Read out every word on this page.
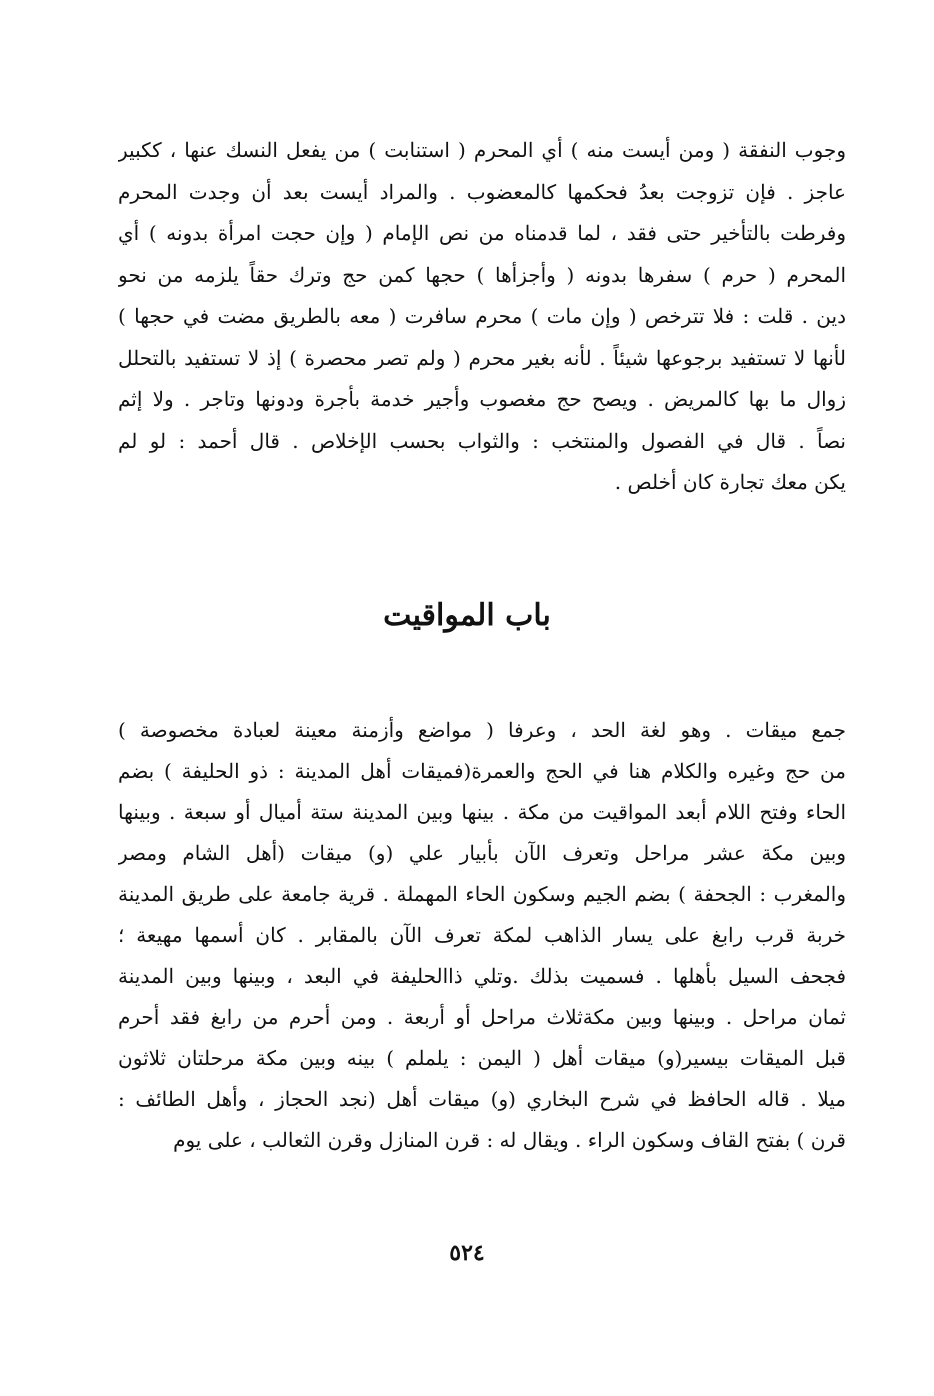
وجوب النفقة ( ومن أيست منه ) أي المحرم ( استنابت ) من يفعل النسك عنها ، ككبير
عاجز . فإن تزوجت بعدُ فحكمها كالمعضوب . والمراد أيست بعد أن وجدت المحرم
وفرطت بالتأخير حتى فقد ، لما قدمناه من نص الإمام ( وإن حجت امرأة بدونه ) أي
المحرم ( حرم ) سفرها بدونه ( وأجزأها ) حجها كمن حج وترك حقاً يلزمه من نحو
دين . قلت : فلا تترخص ( وإن مات ) محرم سافرت ( معه بالطريق مضت في حجها )
لأنها لا تستفيد برجوعها شيئاً . لأنه بغير محرم ( ولم تصر محصرة ) إذ لا تستفيد بالتحلل
زوال ما بها كالمريض . ويصح حج مغصوب وأجير خدمة بأجرة ودونها وتاجر . ولا إثم
نصاً . قال في الفصول والمنتخب : والثواب بحسب الإخلاص . قال أحمد : لو لم
يكن معك تجارة كان أخلص .
باب المواقيت
جمع ميقات . وهو لغة الحد ، وعرفا ( مواضع وأزمنة معينة لعبادة مخصوصة )
من حج وغيره والكلام هنا في الحج والعمرة(فميقات أهل المدينة : ذو الحليفة ) بضم
الحاء وفتح اللام أبعد المواقيت من مكة . بينها وبين المدينة ستة أميال أو سبعة . وبينها
وبين مكة عشر مراحل وتعرف الآن بأبيار علي (و) ميقات (أهل الشام ومصر
والمغرب : الجحفة ) بضم الجيم وسكون الحاء المهملة . قرية جامعة على طريق المدينة
خربة قرب رابغ على يسار الذاهب لمكة تعرف الآن بالمقابر . كان أسمها مهيعة ؛
فجحف السيل بأهلها . فسميت بذلك .وتلي ذاالحليفة في البعد ، وبينها وبين المدينة
ثمان مراحل . وبينها وبين مكةثلاث مراحل أو أربعة . ومن أحرم من رابغ فقد أحرم
قبل الميقات بيسير(و) ميقات أهل ( اليمن : يلملم ) بينه وبين مكة مرحلتان ثلاثون
ميلا . قاله الحافظ في شرح البخاري (و) ميقات أهل (نجد الحجاز ، وأهل الطائف :
قرن ) بفتح القاف وسكون الراء . ويقال له : قرن المنازل وقرن الثعالب ، على يوم
٥٢٤
